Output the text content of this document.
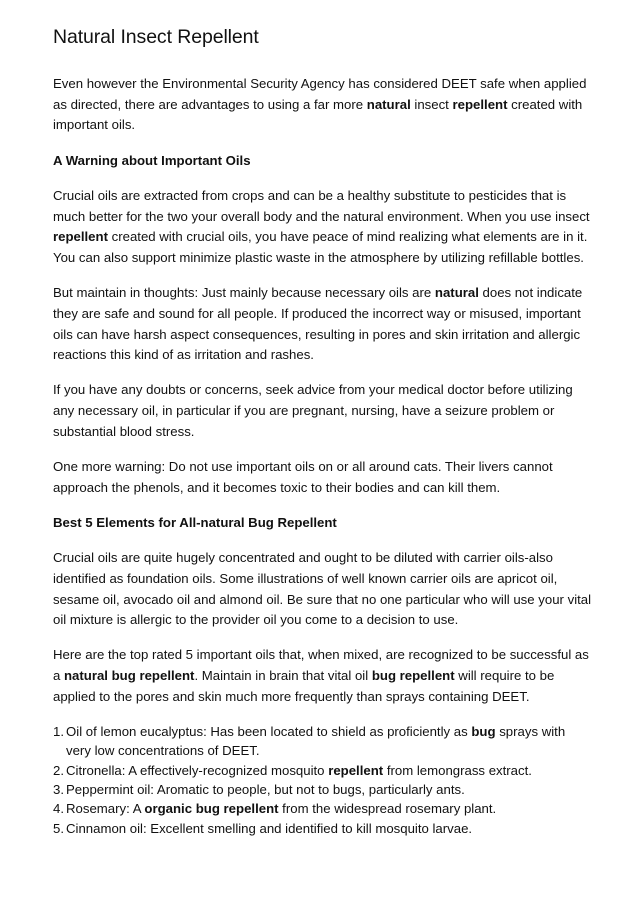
Natural Insect Repellent

Even however the Environmental Security Agency has considered DEET safe when applied as directed, there are advantages to using a far more natural insect repellent created with important oils.

A Warning about Important Oils

Crucial oils are extracted from crops and can be a healthy substitute to pesticides that is much better for the two your overall body and the natural environment. When you use insect repellent created with crucial oils, you have peace of mind realizing what elements are in it. You can also support minimize plastic waste in the atmosphere by utilizing refillable bottles.

But maintain in thoughts: Just mainly because necessary oils are natural does not indicate they are safe and sound for all people. If produced the incorrect way or misused, important oils can have harsh aspect consequences, resulting in pores and skin irritation and allergic reactions this kind of as irritation and rashes.

If you have any doubts or concerns, seek advice from your medical doctor before utilizing any necessary oil, in particular if you are pregnant, nursing, have a seizure problem or substantial blood stress.

One more warning: Do not use important oils on or all around cats. Their livers cannot approach the phenols, and it becomes toxic to their bodies and can kill them.

Best 5 Elements for All-natural Bug Repellent

Crucial oils are quite hugely concentrated and ought to be diluted with carrier oils-also identified as foundation oils. Some illustrations of well known carrier oils are apricot oil, sesame oil, avocado oil and almond oil. Be sure that no one particular who will use your vital oil mixture is allergic to the provider oil you come to a decision to use.

Here are the top rated 5 important oils that, when mixed, are recognized to be successful as a natural bug repellent. Maintain in brain that vital oil bug repellent will require to be applied to the pores and skin much more frequently than sprays containing DEET.

1. Oil of lemon eucalyptus: Has been located to shield as proficiently as bug sprays with very low concentrations of DEET.
2. Citronella: A effectively-recognized mosquito repellent from lemongrass extract.
3. Peppermint oil: Aromatic to people, but not to bugs, particularly ants.
4. Rosemary: A organic bug repellent from the widespread rosemary plant.
5. Cinnamon oil: Excellent smelling and identified to kill mosquito larvae.
